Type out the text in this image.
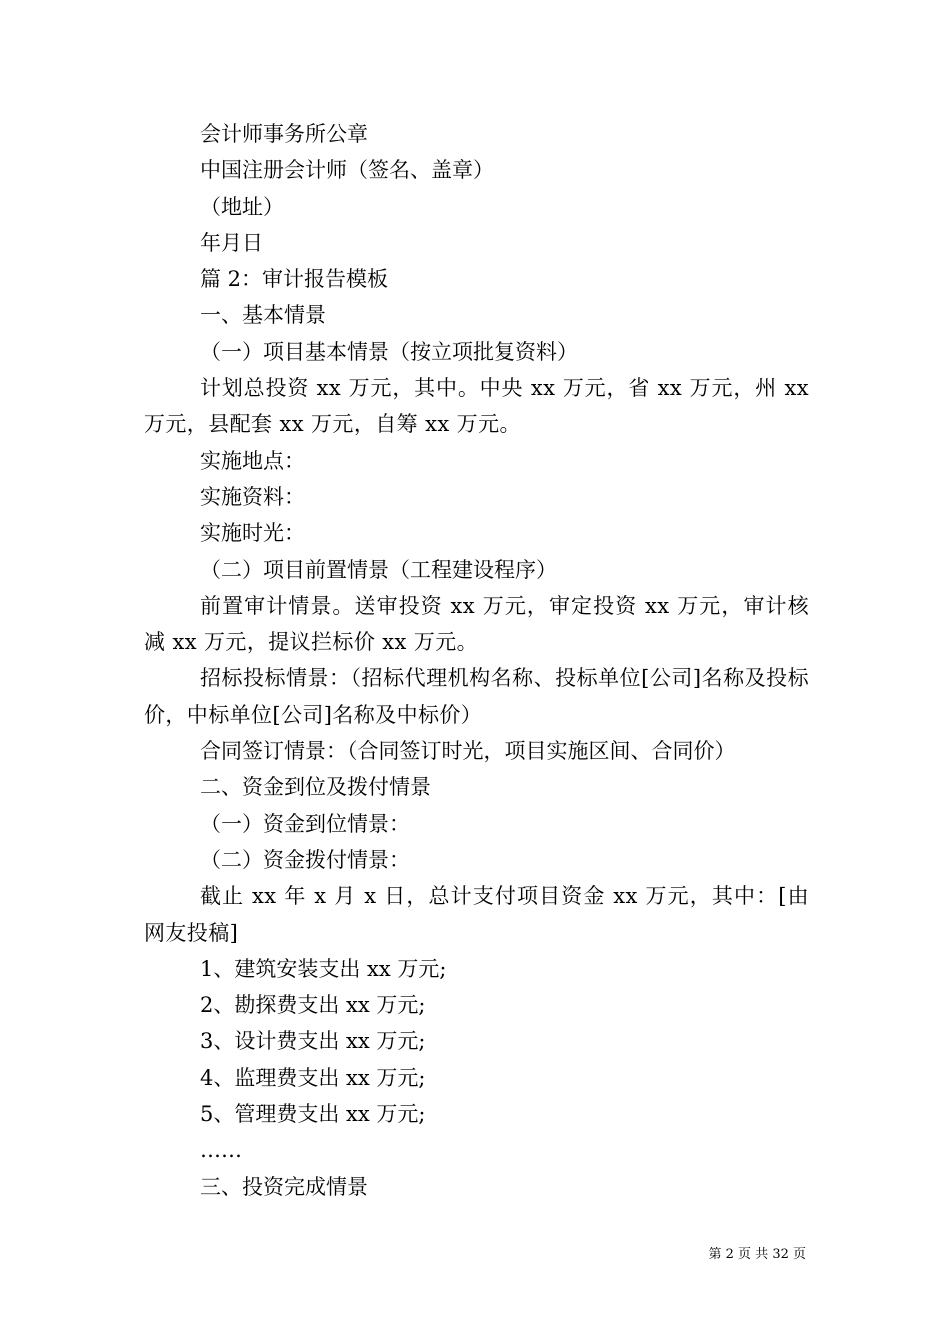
会计师事务所公章

中国注册会计师（签名、盖章）

（地址）

年月日

篇 2：审计报告模板

一、基本情景

（一）项目基本情景（按立项批复资料）

计划总投资 xx 万元，其中。中央 xx 万元，省 xx 万元，州 xx 万元，县配套 xx 万元，自筹 xx 万元。

实施地点：

实施资料：

实施时光：

（二）项目前置情景（工程建设程序）

前置审计情景。送审投资 xx 万元，审定投资 xx 万元，审计核减 xx 万元，提议拦标价 xx 万元。

招标投标情景：（招标代理机构名称、投标单位[公司]名称及投标价，中标单位[公司]名称及中标价）

合同签订情景：（合同签订时光，项目实施区间、合同价）

二、资金到位及拨付情景

（一）资金到位情景：

（二）资金拨付情景：

截止 xx 年 x 月 x 日，总计支付项目资金 xx 万元，其中：[由网友投稿]

1、建筑安装支出 xx 万元;

2、勘探费支出 xx 万元;

3、设计费支出 xx 万元;

4、监理费支出 xx 万元;

5、管理费支出 xx 万元;

……

三、投资完成情景

第 2 页 共 32 页
